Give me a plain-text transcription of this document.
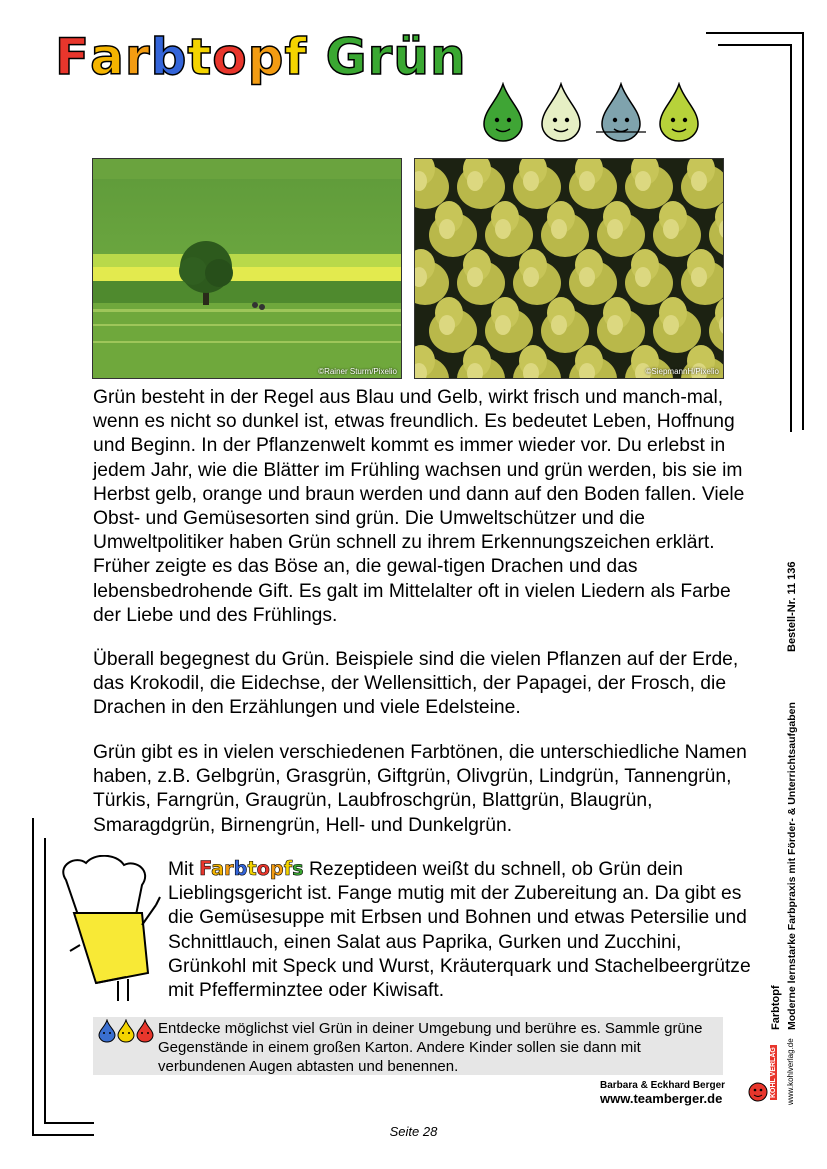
Farbtopf Grün
©Rainer Sturm/Pixelio	©SiepmannH/Pixelio
Grün besteht in der Regel aus Blau und Gelb, wirkt frisch und manch-mal, wenn es nicht so dunkel ist, etwas freundlich. Es bedeutet Leben, Hoffnung und Beginn. In der Pflanzenwelt kommt es immer wieder vor. Du erlebst in jedem Jahr, wie die Blätter im Frühling wachsen und grün werden, bis sie im Herbst gelb, orange und braun werden und dann auf den Boden fallen. Viele Obst- und Gemüsesorten sind grün. Die Umweltschützer und die Umweltpolitiker haben Grün schnell zu ihrem Erkennungszeichen erklärt. Früher zeigte es das Böse an, die gewal-tigen Drachen und das lebensbedrohende Gift. Es galt im Mittelalter oft in vielen Liedern als Farbe der Liebe und des Frühlings.
Überall begegnest du Grün. Beispiele sind die vielen Pflanzen auf der Erde, das Krokodil, die Eidechse, der Wellensittich, der Papagei, der Frosch, die Drachen in den Erzählungen und viele Edelsteine.
Grün gibt es in vielen verschiedenen Farbtönen, die unterschiedliche Namen haben, z.B. Gelbgrün, Grasgrün, Giftgrün, Olivgrün, Lindgrün, Tannengrün, Türkis, Farngrün, Graugrün, Laubfroschgrün, Blattgrün, Blaugrün, Smaragdgrün, Birnengrün, Hell- und Dunkelgrün.
Mit Farbtopfs Rezeptideen weißt du schnell, ob Grün dein Lieblingsgericht ist. Fange mutig mit der Zubereitung an. Da gibt es die Gemüsesuppe mit Erbsen und Bohnen und etwas Petersilie und Schnittlauch, einen Salat aus Paprika, Gurken und Zucchini, Grünkohl mit Speck und Wurst, Kräuterquark und Stachelbeergrütze mit Pfefferminztee oder Kiwisaft.
Entdecke möglichst viel Grün in deiner Umgebung und berühre es. Sammle grüne Gegenstände in einem großen Karton. Andere Kinder sollen sie dann mit verbundenen Augen abtasten und benennen.
Barbara & Eckhard Berger
www.teamberger.de
Seite 28
Bestell-Nr. 11 136
Moderne lernstarke Farbpraxis mit Förder- & Unterrichtsaufgaben
Farbtopf
www.kohlverlag.de
KOHL VERLAG
